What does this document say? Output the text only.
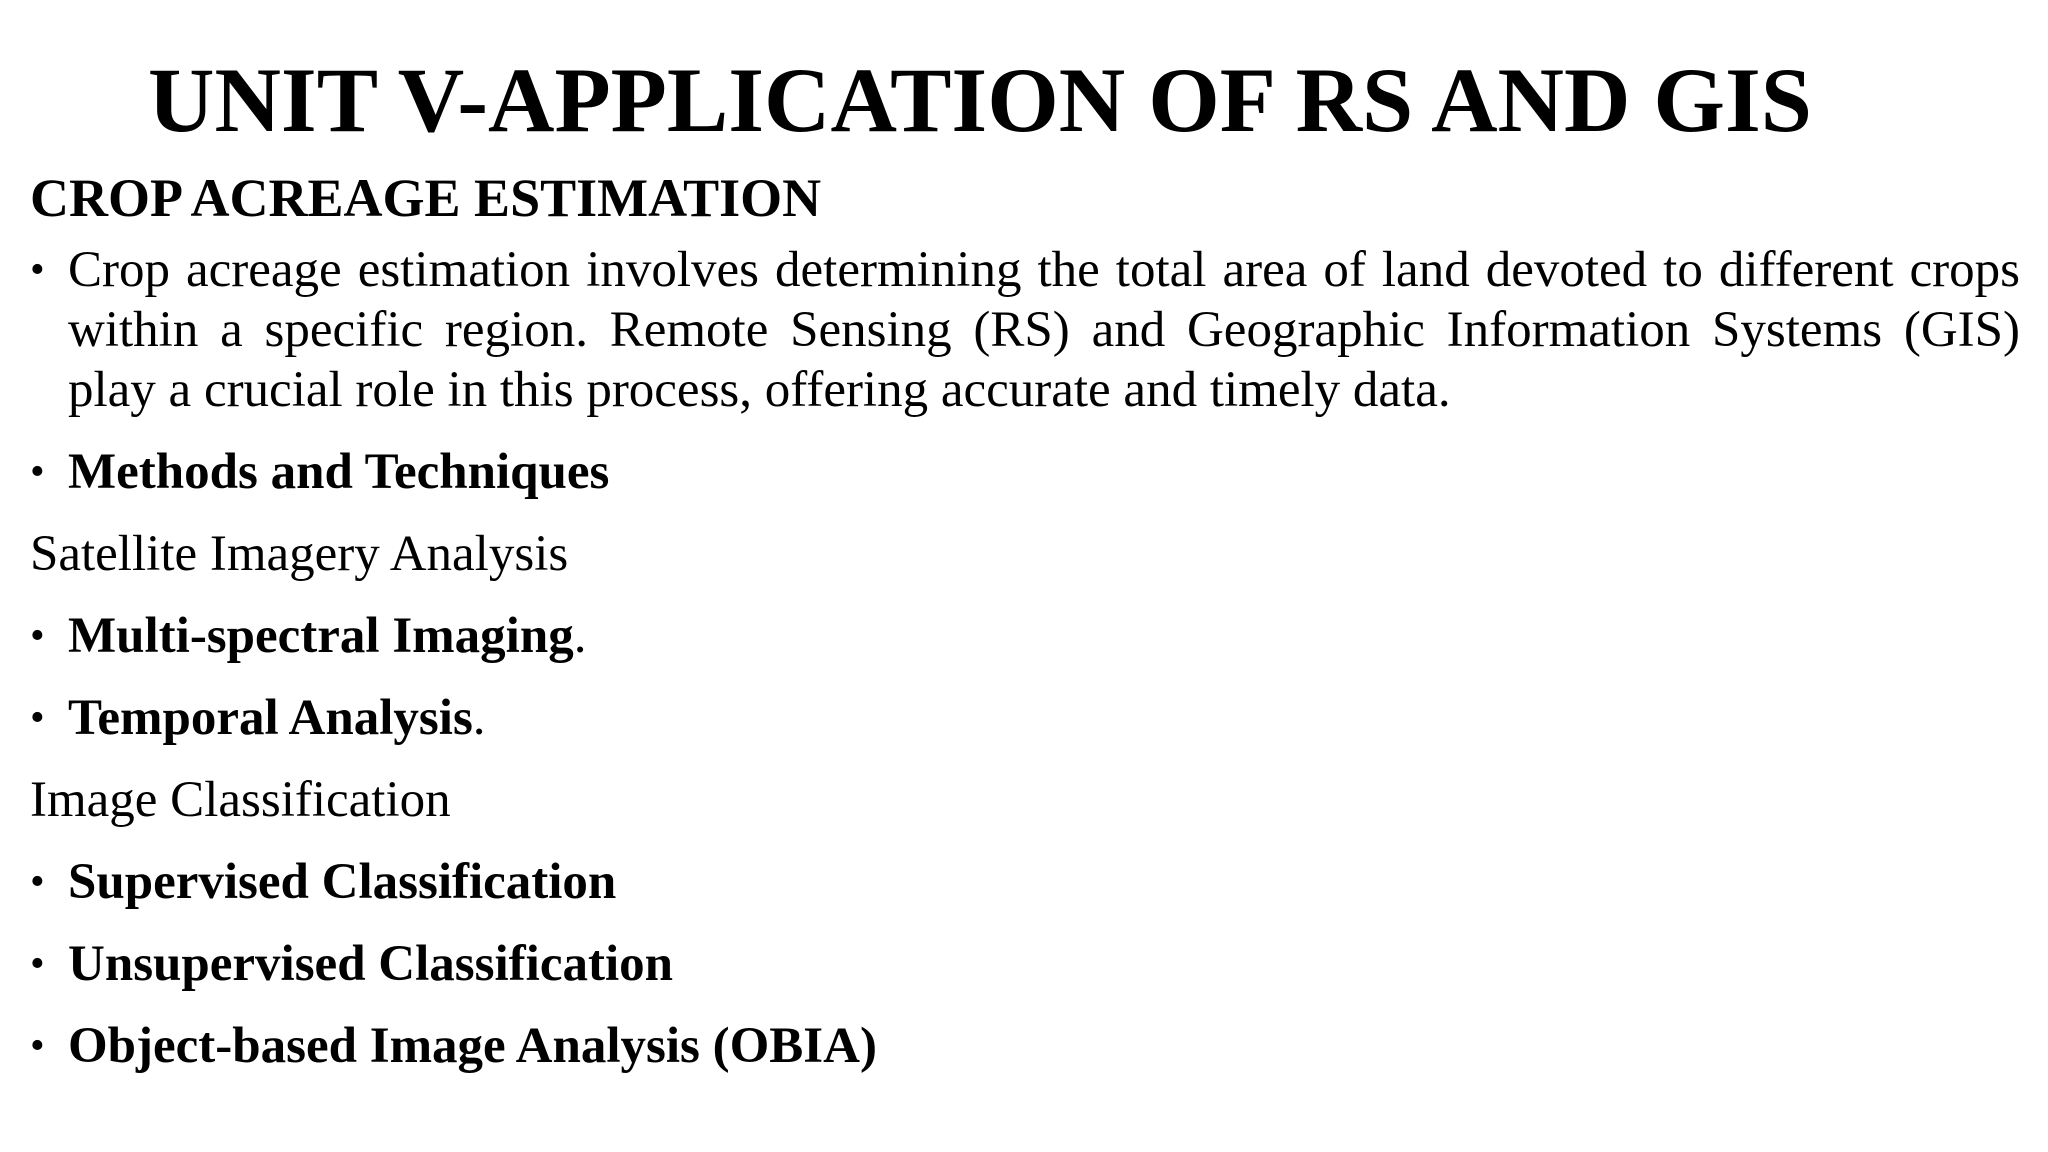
UNIT V-APPLICATION OF RS AND GIS
CROP ACREAGE ESTIMATION
• Crop acreage estimation involves determining the total area of land devoted to different crops within a specific region. Remote Sensing (RS) and Geographic Information Systems (GIS) play a crucial role in this process, offering accurate and timely data.
• Methods and Techniques
Satellite Imagery Analysis
• Multi-spectral Imaging.
• Temporal Analysis.
Image Classification
• Supervised Classification
• Unsupervised Classification
• Object-based Image Analysis (OBIA)
